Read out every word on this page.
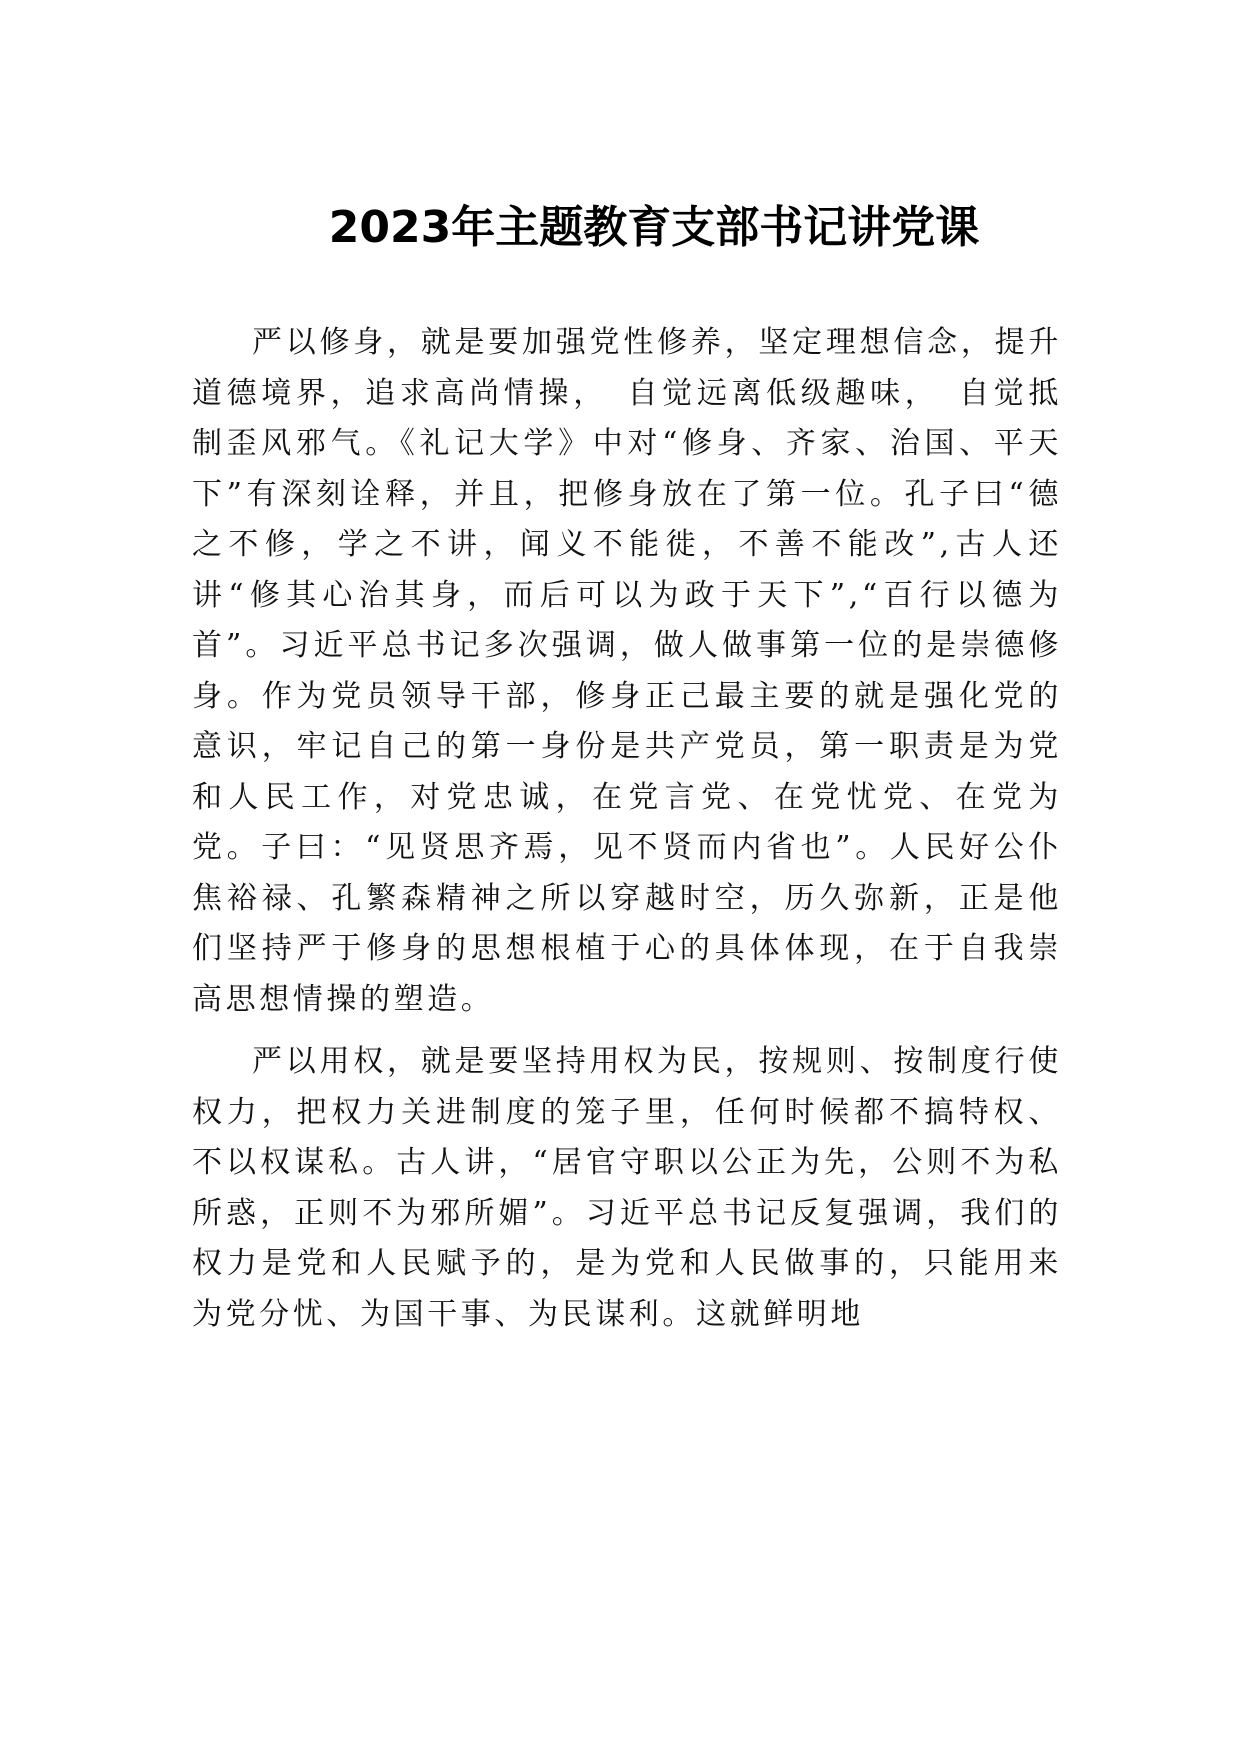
2023年主题教育支部书记讲党课

严以修身，就是要加强党性修养，坚定理想信念，提升道德境界，追求高尚情操，　自觉远离低级趣味，　自觉抵制歪风邪气。《礼记大学》中对“修身、齐家、治国、平天下”有深刻诠释，并且，把修身放在了第一位。孔子曰“德之不修，学之不讲，闻义不能徙，不善不能改”,古人还讲“修其心治其身，而后可以为政于天下”,“百行以德为首”。习近平总书记多次强调，做人做事第一位的是崇德修身。作为党员领导干部，修身正己最主要的就是强化党的意识，牢记自己的第一身份是共产党员，第一职责是为党和人民工作，对党忠诚，在党言党、在党忧党、在党为党。子曰：“见贤思齐焉，见不贤而内省也”。人民好公仆焦裕禄、孔繁森精神之所以穿越时空，历久弥新，正是他们坚持严于修身的思想根植于心的具体体现，在于自我崇高思想情操的塑造。

严以用权，就是要坚持用权为民，按规则、按制度行使权力，把权力关进制度的笼子里，任何时候都不搞特权、不以权谋私。古人讲，“居官守职以公正为先，公则不为私所惑，正则不为邪所媚”。习近平总书记反复强调，我们的权力是党和人民赋予的，是为党和人民做事的，只能用来为党分忧、为国干事、为民谋利。这就鲜明地
